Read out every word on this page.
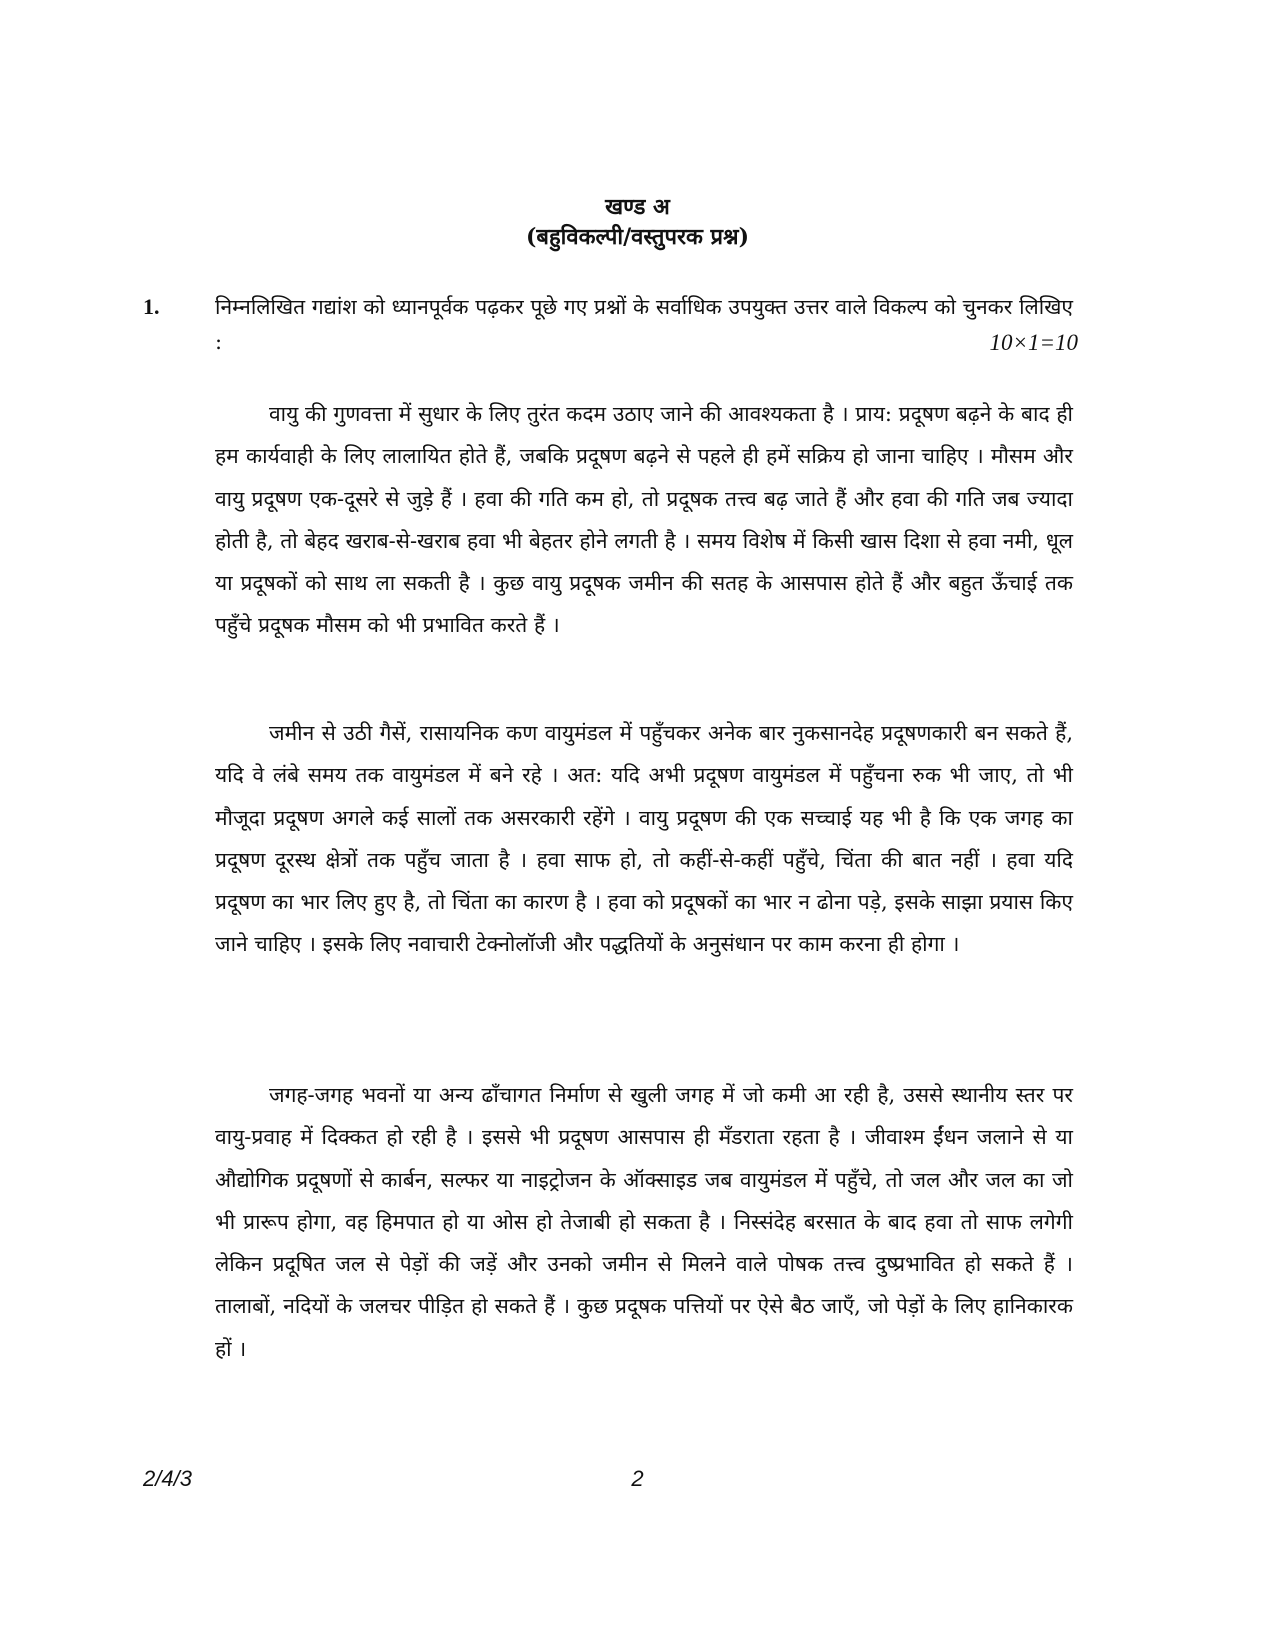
खण्ड अ
(बहुविकल्पी/वस्तुपरक प्रश्न)
1.	निम्नलिखित गद्यांश को ध्यानपूर्वक पढ़कर पूछे गए प्रश्नों के सर्वाधिक उपयुक्त उत्तर वाले विकल्प को चुनकर लिखिए :	10×1=10

वायु की गुणवत्ता में सुधार के लिए तुरंत कदम उठाए जाने की आवश्यकता है । प्राय: प्रदूषण बढ़ने के बाद ही हम कार्यवाही के लिए लालायित होते हैं, जबकि प्रदूषण बढ़ने से पहले ही हमें सक्रिय हो जाना चाहिए । मौसम और वायु प्रदूषण एक-दूसरे से जुड़े हैं । हवा की गति कम हो, तो प्रदूषक तत्त्व बढ़ जाते हैं और हवा की गति जब ज्यादा होती है, तो बेहद खराब-से-खराब हवा भी बेहतर होने लगती है । समय विशेष में किसी खास दिशा से हवा नमी, धूल या प्रदूषकों को साथ ला सकती है । कुछ वायु प्रदूषक जमीन की सतह के आसपास होते हैं और बहुत ऊँचाई तक पहुँचे प्रदूषक मौसम को भी प्रभावित करते हैं ।

जमीन से उठी गैसें, रासायनिक कण वायुमंडल में पहुँचकर अनेक बार नुकसानदेह प्रदूषणकारी बन सकते हैं, यदि वे लंबे समय तक वायुमंडल में बने रहे । अत: यदि अभी प्रदूषण वायुमंडल में पहुँचना रुक भी जाए, तो भी मौजूदा प्रदूषण अगले कई सालों तक असरकारी रहेंगे । वायु प्रदूषण की एक सच्चाई यह भी है कि एक जगह का प्रदूषण दूरस्थ क्षेत्रों तक पहुँच जाता है । हवा साफ हो, तो कहीं-से-कहीं पहुँचे, चिंता की बात नहीं । हवा यदि प्रदूषण का भार लिए हुए है, तो चिंता का कारण है । हवा को प्रदूषकों का भार न ढोना पड़े, इसके साझा प्रयास किए जाने चाहिए । इसके लिए नवाचारी टेक्नोलॉजी और पद्धतियों के अनुसंधान पर काम करना ही होगा ।

जगह-जगह भवनों या अन्य ढाँचागत निर्माण से खुली जगह में जो कमी आ रही है, उससे स्थानीय स्तर पर वायु-प्रवाह में दिक्कत हो रही है । इससे भी प्रदूषण आसपास ही मँडराता रहता है । जीवाश्म ईंधन जलाने से या औद्योगिक प्रदूषणों से कार्बन, सल्फर या नाइट्रोजन के ऑक्साइड जब वायुमंडल में पहुँचे, तो जल और जल का जो भी प्रारूप होगा, वह हिमपात हो या ओस हो तेजाबी हो सकता है । निस्संदेह बरसात के बाद हवा तो साफ लगेगी लेकिन प्रदूषित जल से पेड़ों की जड़ें और उनको जमीन से मिलने वाले पोषक तत्त्व दुष्प्रभावित हो सकते हैं । तालाबों, नदियों के जलचर पीड़ित हो सकते हैं । कुछ प्रदूषक पत्तियों पर ऐसे बैठ जाएँ, जो पेड़ों के लिए हानिकारक हों ।

2/4/3	2
